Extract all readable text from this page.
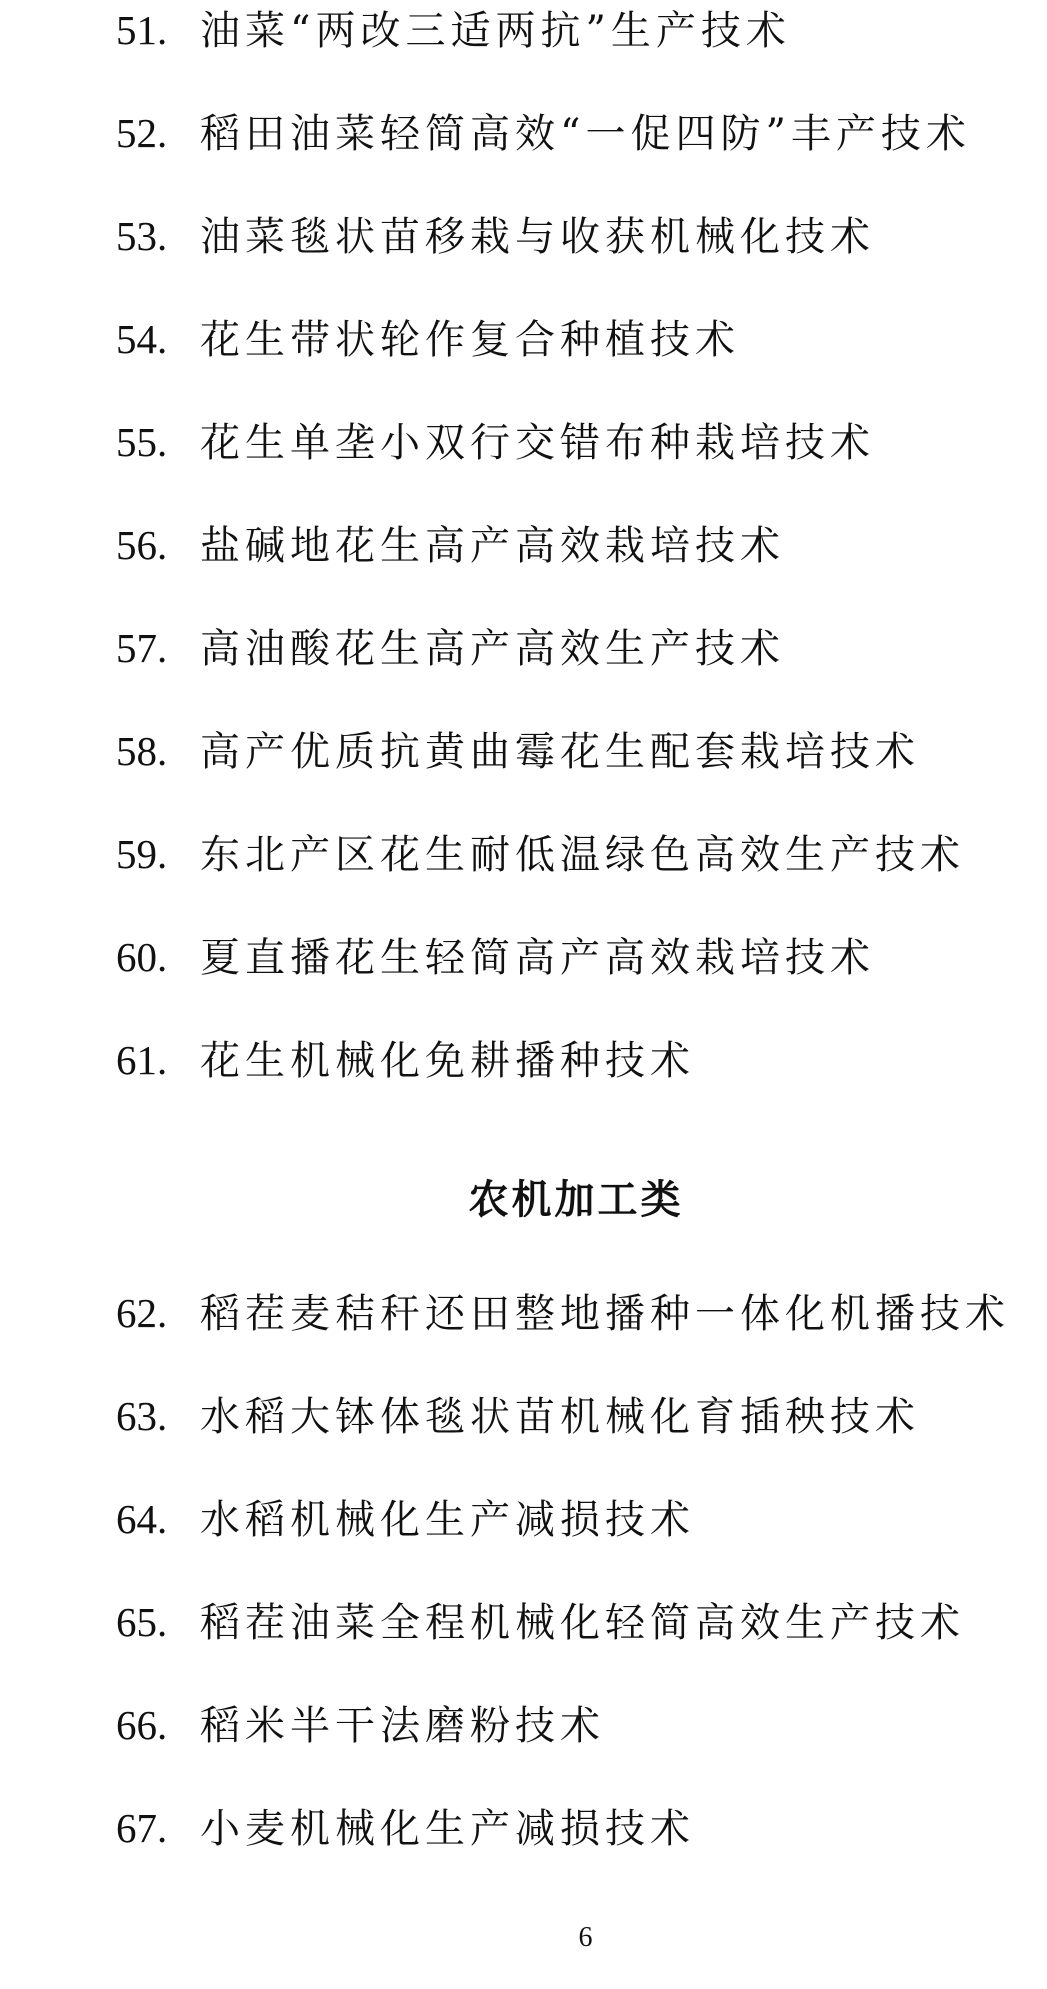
51. 油菜“两改三适两抗”生产技术
52. 稻田油菜轻简高效“一促四防”丰产技术
53. 油菜毯状苗移栽与收获机械化技术
54. 花生带状轮作复合种植技术
55. 花生单垄小双行交错布种栽培技术
56. 盐碱地花生高产高效栽培技术
57. 高油酸花生高产高效生产技术
58. 高产优质抗黄曲霉花生配套栽培技术
59. 东北产区花生耐低温绿色高效生产技术
60. 夏直播花生轻简高产高效栽培技术
61. 花生机械化免耕播种技术
农机加工类
62. 稻茬麦秸秆还田整地播种一体化机播技术
63. 水稻大钵体毯状苗机械化育插秧技术
64. 水稻机械化生产减损技术
65. 稻茬油菜全程机械化轻简高效生产技术
66. 稻米半干法磨粉技术
67. 小麦机械化生产减损技术
6
